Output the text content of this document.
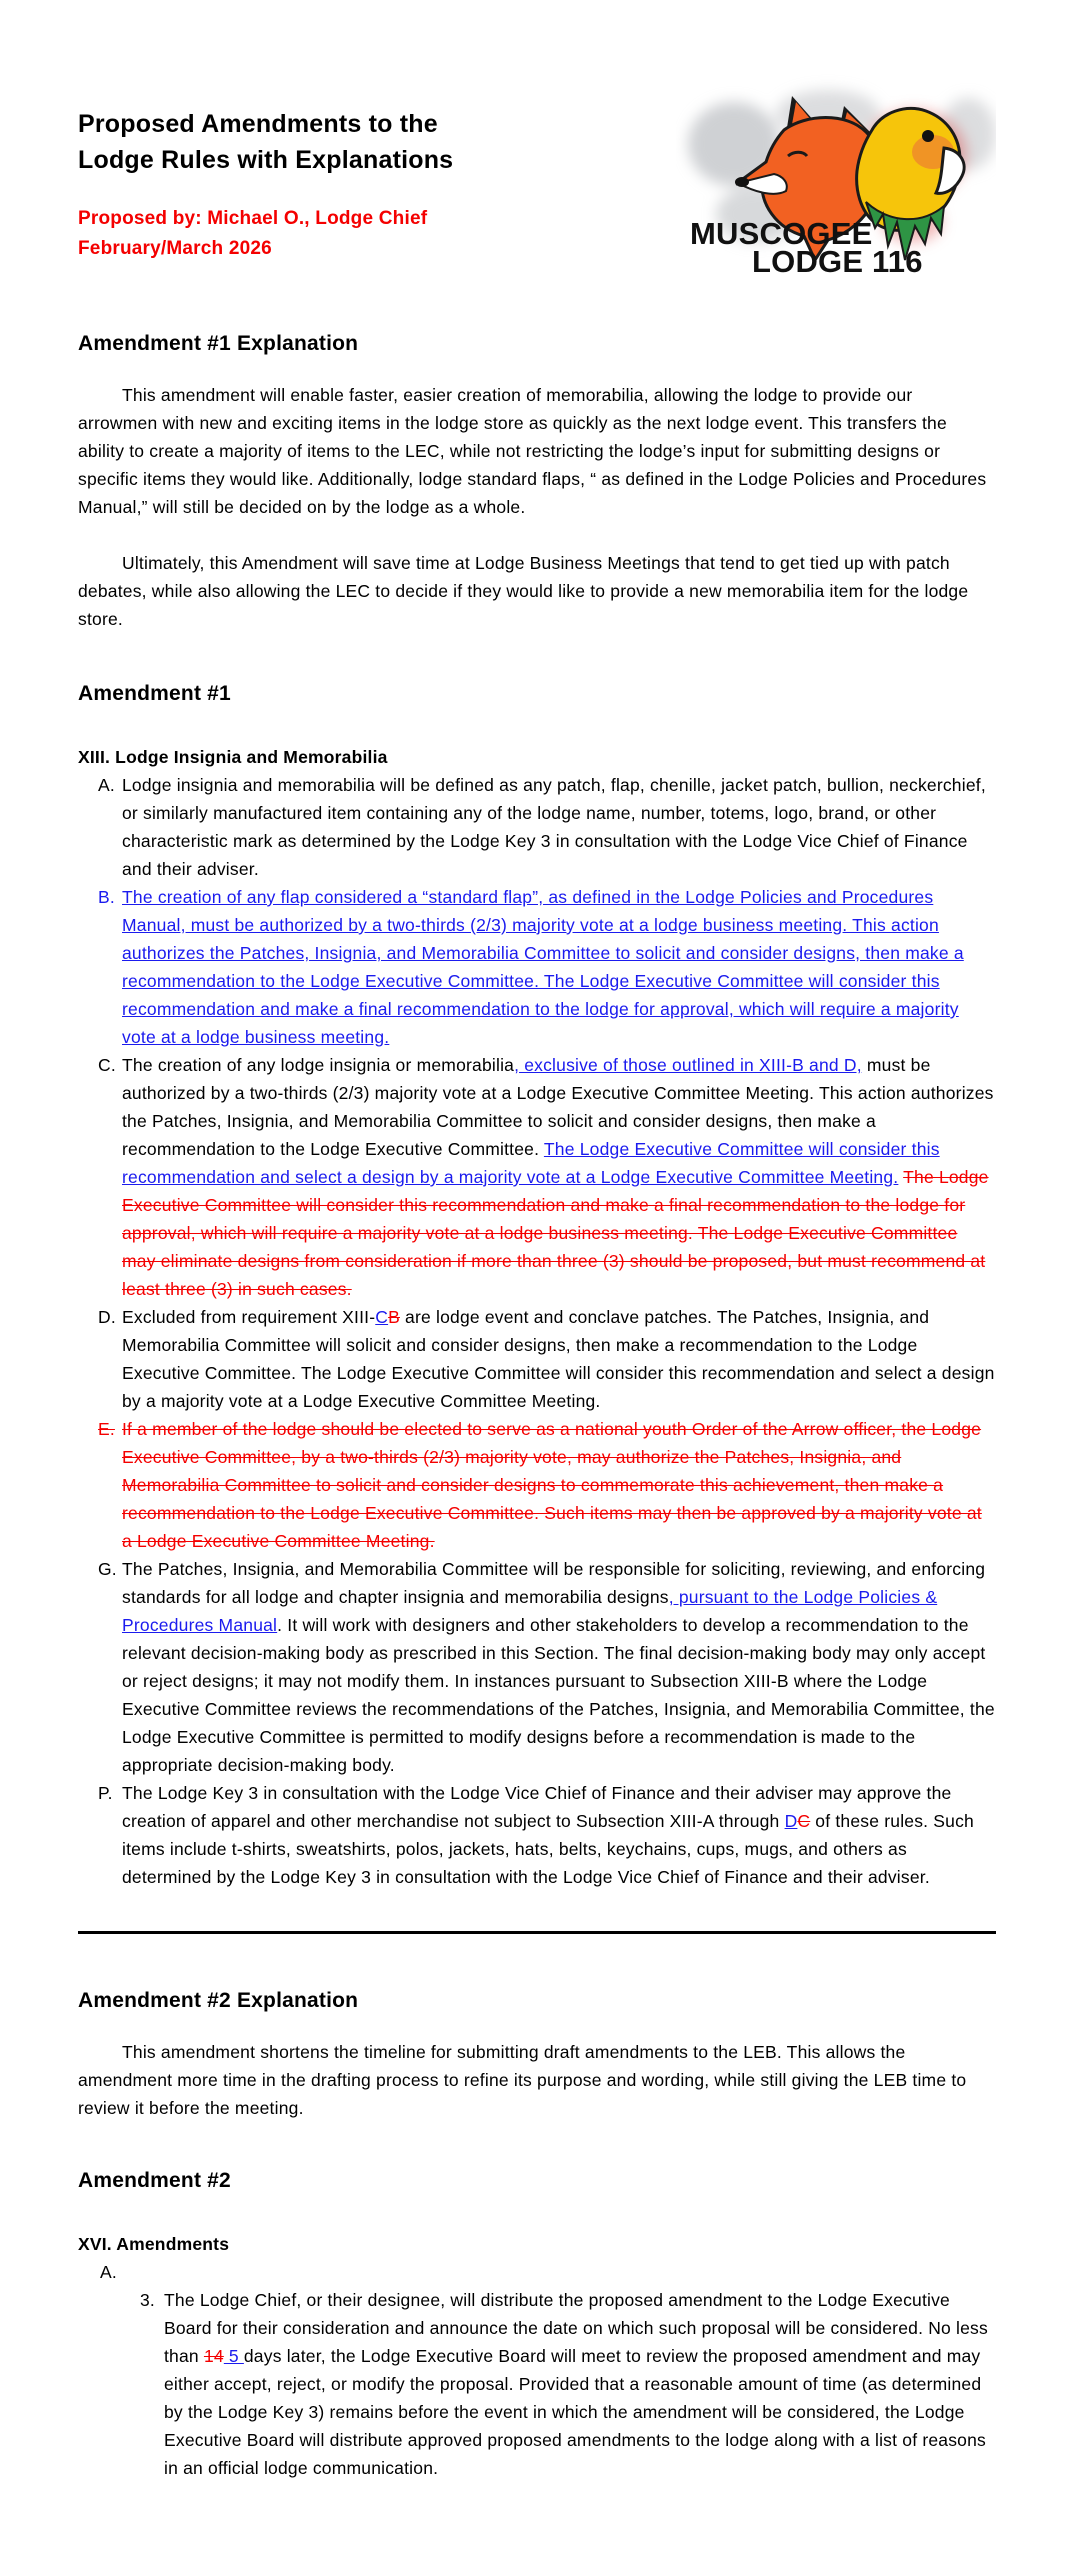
Proposed Amendments to the
Lodge Rules with Explanations
Proposed by: Michael O., Lodge Chief
February/March 2026	MUSCOGEE
LODGE 116
Amendment #1 Explanation

This amendment will enable faster, easier creation of memorabilia, allowing the lodge to provide our arrowmen with new and exciting items in the lodge store as quickly as the next lodge event. This transfers the ability to create a majority of items to the LEC, while not restricting the lodge’s input for submitting designs or specific items they would like. Additionally, lodge standard flaps, “ as defined in the Lodge Policies and Procedures Manual,” will still be decided on by the lodge as a whole.

Ultimately, this Amendment will save time at Lodge Business Meetings that tend to get tied up with patch debates, while also allowing the LEC to decide if they would like to provide a new memorabilia item for the lodge store.

Amendment #1
XIII. Lodge Insignia and Memorabilia
A. Lodge insignia and memorabilia will be defined as any patch, flap, chenille, jacket patch, bullion, neckerchief, or similarly manufactured item containing any of the lodge name, number, totems, logo, brand, or other characteristic mark as determined by the Lodge Key 3 in consultation with the Lodge Vice Chief of Finance and their adviser.
B. The creation of any flap considered a “standard flap”, as defined in the Lodge Policies and Procedures Manual, must be authorized by a two-thirds (2/3) majority vote at a lodge business meeting. This action authorizes the Patches, Insignia, and Memorabilia Committee to solicit and consider designs, then make a recommendation to the Lodge Executive Committee. The Lodge Executive Committee will consider this recommendation and make a final recommendation to the lodge for approval, which will require a majority vote at a lodge business meeting.
C. The creation of any lodge insignia or memorabilia, exclusive of those outlined in XIII-B and D, must be authorized by a two-thirds (2/3) majority vote at a Lodge Executive Committee Meeting. This action authorizes the Patches, Insignia, and Memorabilia Committee to solicit and consider designs, then make a recommendation to the Lodge Executive Committee. The Lodge Executive Committee will consider this recommendation and select a design by a majority vote at a Lodge Executive Committee Meeting. The Lodge Executive Committee will consider this recommendation and make a final recommendation to the lodge for approval, which will require a majority vote at a lodge business meeting. The Lodge Executive Committee may eliminate designs from consideration if more than three (3) should be proposed, but must recommend at least three (3) in such cases.
D. Excluded from requirement XIII-CB are lodge event and conclave patches. The Patches, Insignia, and Memorabilia Committee will solicit and consider designs, then make a recommendation to the Lodge Executive Committee. The Lodge Executive Committee will consider this recommendation and select a design by a majority vote at a Lodge Executive Committee Meeting.
E. If a member of the lodge should be elected to serve as a national youth Order of the Arrow officer, the Lodge Executive Committee, by a two-thirds (2/3) majority vote, may authorize the Patches, Insignia, and Memorabilia Committee to solicit and consider designs to commemorate this achievement, then make a recommendation to the Lodge Executive Committee. Such items may then be approved by a majority vote at a Lodge Executive Committee Meeting.
G. The Patches, Insignia, and Memorabilia Committee will be responsible for soliciting, reviewing, and enforcing standards for all lodge and chapter insignia and memorabilia designs, pursuant to the Lodge Policies & Procedures Manual. It will work with designers and other stakeholders to develop a recommendation to the relevant decision-making body as prescribed in this Section. The final decision-making body may only accept or reject designs; it may not modify them. In instances pursuant to Subsection XIII-B where the Lodge Executive Committee reviews the recommendations of the Patches, Insignia, and Memorabilia Committee, the Lodge Executive Committee is permitted to modify designs before a recommendation is made to the appropriate decision-making body.
P. The Lodge Key 3 in consultation with the Lodge Vice Chief of Finance and their adviser may approve the creation of apparel and other merchandise not subject to Subsection XIII-A through DC of these rules. Such items include t-shirts, sweatshirts, polos, jackets, hats, belts, keychains, cups, mugs, and others as determined by the Lodge Key 3 in consultation with the Lodge Vice Chief of Finance and their adviser.
Amendment #2 Explanation

This amendment shortens the timeline for submitting draft amendments to the LEB. This allows the amendment more time in the drafting process to refine its purpose and wording, while still giving the LEB time to review it before the meeting.

Amendment #2
XVI. Amendments
A.
3. The Lodge Chief, or their designee, will distribute the proposed amendment to the Lodge Executive Board for their consideration and announce the date on which such proposal will be considered. No less than 14 5 days later, the Lodge Executive Board will meet to review the proposed amendment and may either accept, reject, or modify the proposal. Provided that a reasonable amount of time (as determined by the Lodge Key 3) remains before the event in which the amendment will be considered, the Lodge Executive Board will distribute approved proposed amendments to the lodge along with a list of reasons in an official lodge communication.
